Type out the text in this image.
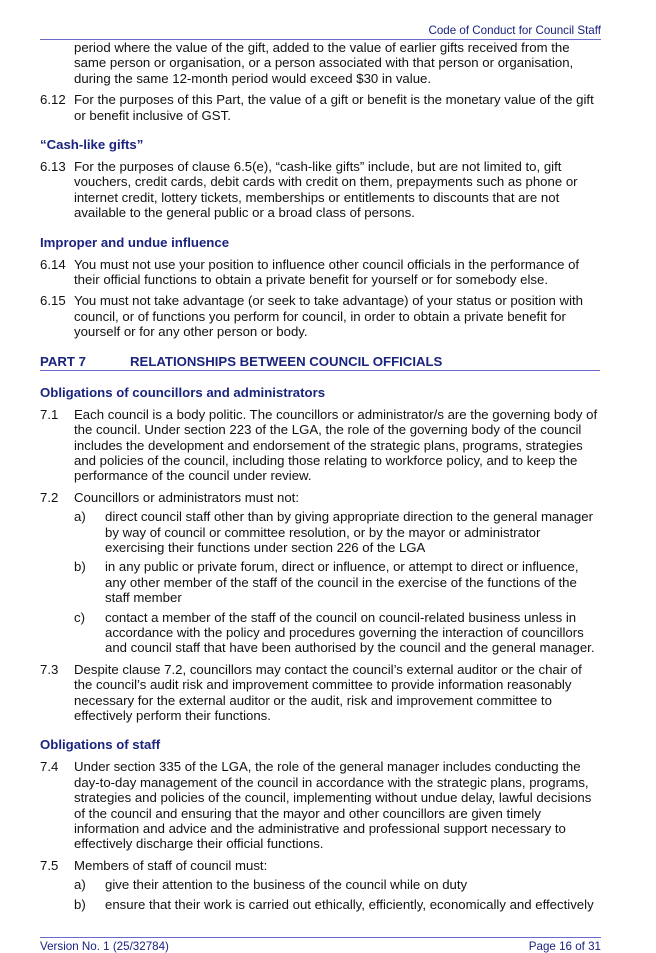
Code of Conduct for Council Staff
period where the value of the gift, added to the value of earlier gifts received from the same person or organisation, or a person associated with that person or organisation, during the same 12-month period would exceed $30 in value.
6.12 For the purposes of this Part, the value of a gift or benefit is the monetary value of the gift or benefit inclusive of GST.
“Cash-like gifts”
6.13 For the purposes of clause 6.5(e), “cash-like gifts” include, but are not limited to, gift vouchers, credit cards, debit cards with credit on them, prepayments such as phone or internet credit, lottery tickets, memberships or entitlements to discounts that are not available to the general public or a broad class of persons.
Improper and undue influence
6.14 You must not use your position to influence other council officials in the performance of their official functions to obtain a private benefit for yourself or for somebody else.
6.15 You must not take advantage (or seek to take advantage) of your status or position with council, or of functions you perform for council, in order to obtain a private benefit for yourself or for any other person or body.
PART 7	RELATIONSHIPS BETWEEN COUNCIL OFFICIALS
Obligations of councillors and administrators
7.1	Each council is a body politic. The councillors or administrator/s are the governing body of the council. Under section 223 of the LGA, the role of the governing body of the council includes the development and endorsement of the strategic plans, programs, strategies and policies of the council, including those relating to workforce policy, and to keep the performance of the council under review.
7.2	Councillors or administrators must not:
a)	direct council staff other than by giving appropriate direction to the general manager by way of council or committee resolution, or by the mayor or administrator exercising their functions under section 226 of the LGA
b)	in any public or private forum, direct or influence, or attempt to direct or influence, any other member of the staff of the council in the exercise of the functions of the staff member
c)	contact a member of the staff of the council on council-related business unless in accordance with the policy and procedures governing the interaction of councillors and council staff that have been authorised by the council and the general manager.
7.3	Despite clause 7.2, councillors may contact the council’s external auditor or the chair of the council’s audit risk and improvement committee to provide information reasonably necessary for the external auditor or the audit, risk and improvement committee to effectively perform their functions.
Obligations of staff
7.4	Under section 335 of the LGA, the role of the general manager includes conducting the day-to-day management of the council in accordance with the strategic plans, programs, strategies and policies of the council, implementing without undue delay, lawful decisions of the council and ensuring that the mayor and other councillors are given timely information and advice and the administrative and professional support necessary to effectively discharge their official functions.
7.5	Members of staff of council must:
a)	give their attention to the business of the council while on duty
b)	ensure that their work is carried out ethically, efficiently, economically and effectively
Version No. 1 (25/32784)	Page 16 of 31
